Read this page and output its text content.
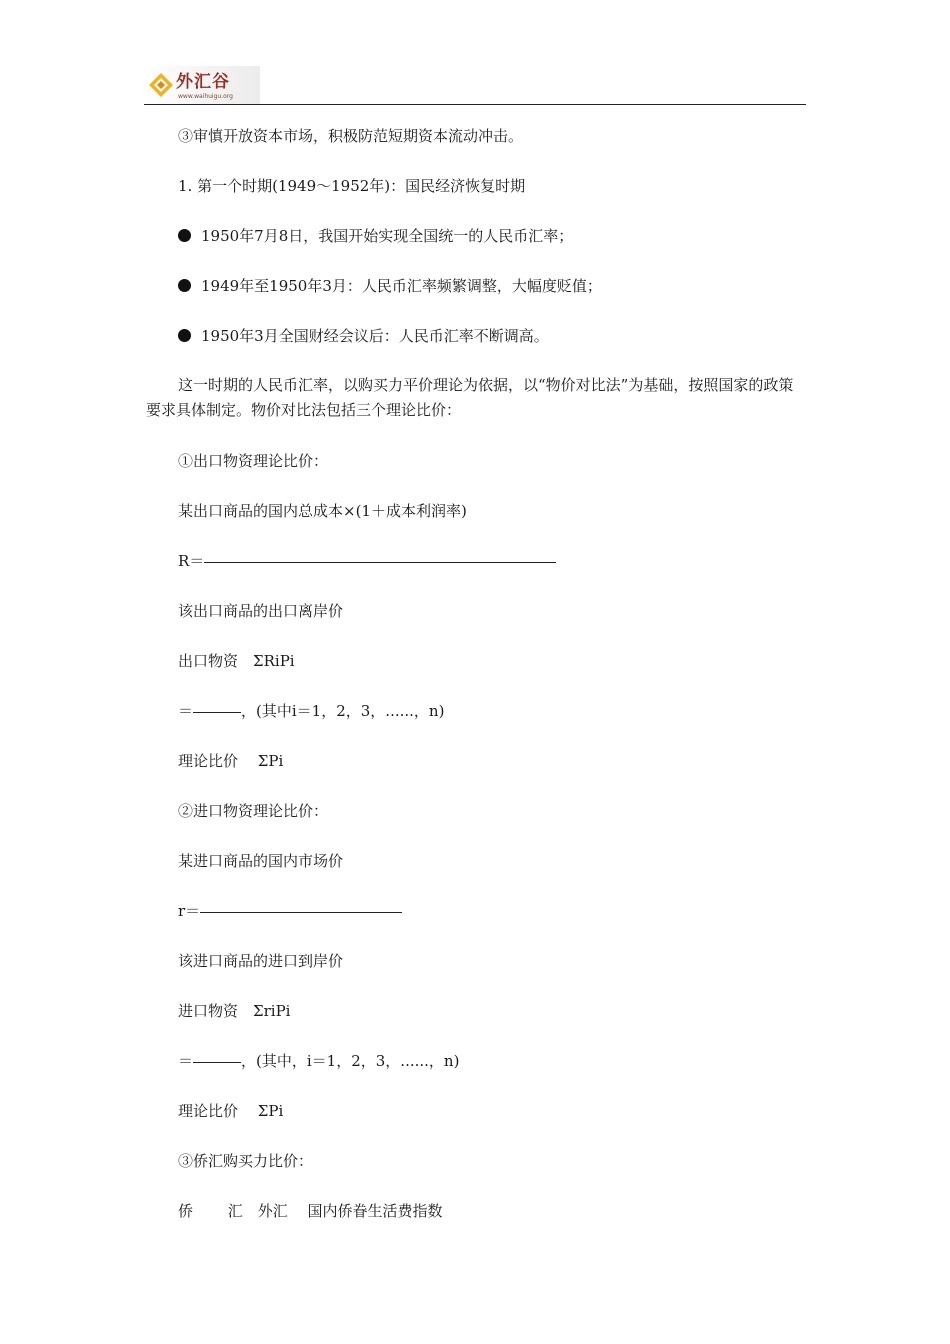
外汇谷
www.waihuigu.org
③审慎开放资本市场，积极防范短期资本流动冲击。
1. 第一个时期(1949～1952年)：国民经济恢复时期
1950年7月8日，我国开始实现全国统一的人民币汇率；
1949年至1950年3月：人民币汇率频繁调整，大幅度贬值；
1950年3月全国财经会议后：人民币汇率不断调高。
这一时期的人民币汇率，以购买力平价理论为依据，以“物价对比法”为基础，按照国家的政策要求具体制定。物价对比法包括三个理论比价：
①出口物资理论比价：
某出口商品的国内总成本×(1＋成本利润率)
R＝
该出口商品的出口离岸价
出口物资　ΣRiPi
＝	，(其中i＝1，2，3，......，n)
理论比价　 ΣPi
②进口物资理论比价：
某进口商品的国内市场价
r＝
该进口商品的进口到岸价
进口物资　ΣriPi
＝	，(其中，i＝1，2，3，......，n)
理论比价　 ΣPi
③侨汇购买力比价：
侨　　 汇　外汇　 国内侨眷生活费指数
